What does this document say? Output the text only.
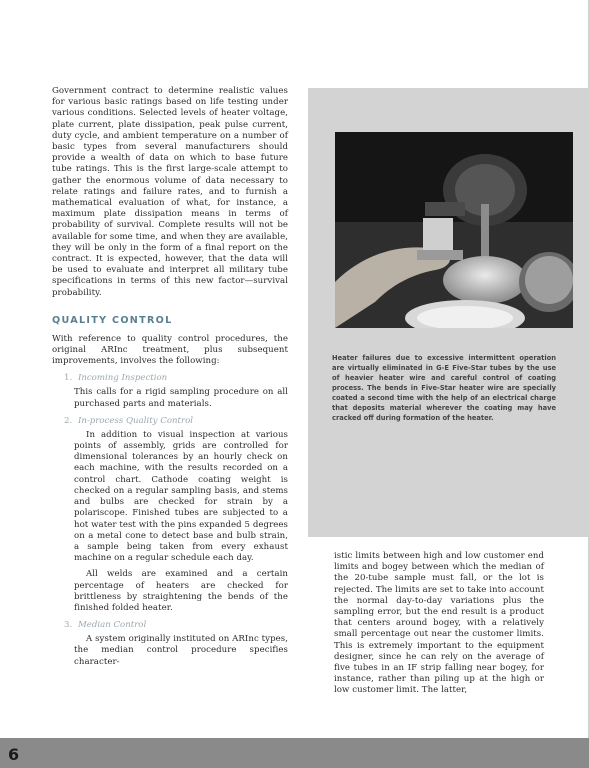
Government contract to determine realistic values for various basic ratings based on life testing under various conditions. Selected levels of heater voltage, plate current, plate dissipation, peak pulse current, duty cycle, and ambient temperature on a number of basic types from several manufacturers should provide a wealth of data on which to base future tube ratings. This is the first large-scale attempt to gather the enormous volume of data necessary to relate ratings and failure rates, and to furnish a mathematical evaluation of what, for instance, a maximum plate dissipation means in terms of probability of survival. Complete results will not be available for some time, and when they are available, they will be only in the form of a final report on the contract. It is expected, however, that the data will be used to evaluate and interpret all military tube specifications in terms of this new factor—survival probability.

QUALITY CONTROL

With reference to quality control procedures, the original ARInc treatment, plus subsequent improvements, involves the following:

1. Incoming Inspection

This calls for a rigid sampling procedure on all purchased parts and materials.

2. In-process Quality Control

In addition to visual inspection at various points of assembly, grids are controlled for dimensional tolerances by an hourly check on each machine, with the results recorded on a control chart. Cathode coating weight is checked on a regular sampling basis, and stems and bulbs are checked for strain by a polariscope. Finished tubes are subjected to a hot water test with the pins expanded 5 degrees on a metal cone to detect base and bulb strain, a sample being taken from every exhaust machine on a regular schedule each day.

All welds are examined and a certain percentage of heaters are checked for brittleness by straightening the bends of the finished folded heater.

3. Median Control

A system originally instituted on ARInc types, the median control procedure specifies character-

Heater failures due to excessive intermittent operation are virtually eliminated in G-E Five-Star tubes by the use of heavier heater wire and careful control of coating process. The bends in Five-Star heater wire are specially coated a second time with the help of an electrical charge that deposits material wherever the coating may have cracked off during formation of the heater.

istic limits between high and low customer end limits and bogey between which the median of the 20-tube sample must fall, or the lot is rejected. The limits are set to take into account the normal day-to-day variations plus the sampling error, but the end result is a product that centers around bogey, with a relatively small percentage out near the customer limits. This is extremely important to the equipment designer, since he can rely on the average of five tubes in an IF strip falling near bogey, for instance, rather than piling up at the high or low customer limit. The latter,

6
